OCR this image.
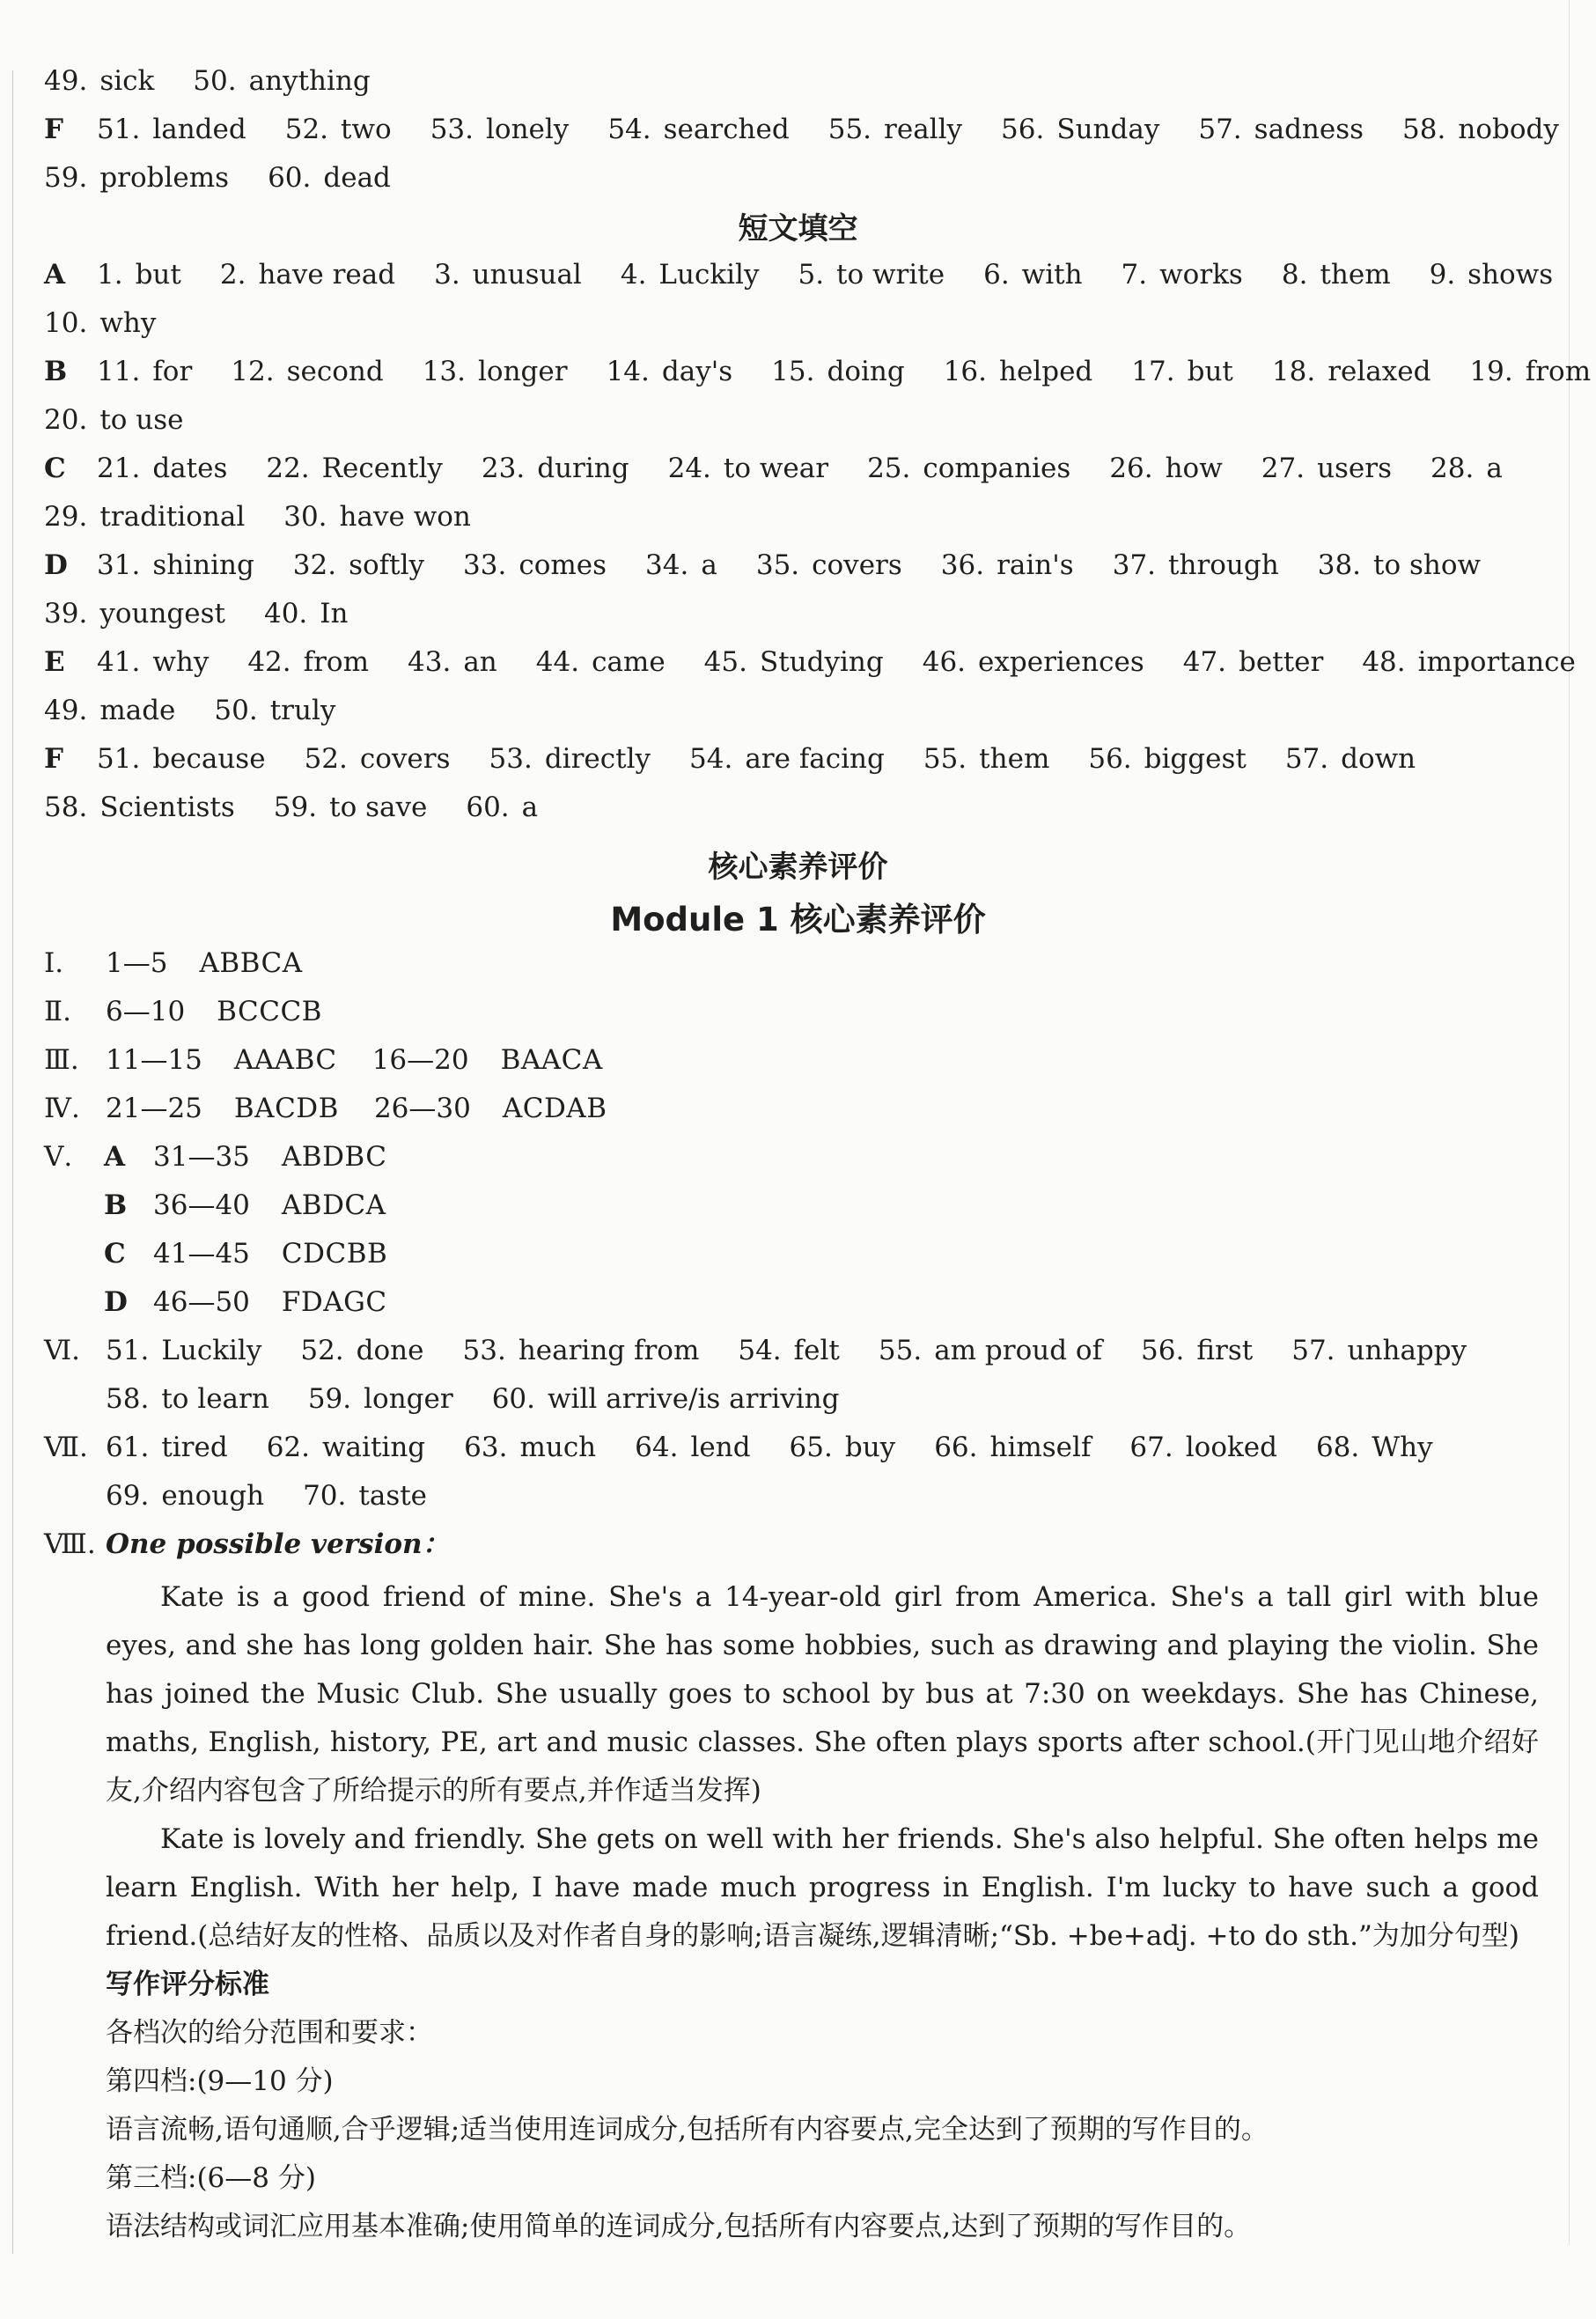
49. sick 50. anything
F 51. landed 52. two 53. lonely 54. searched 55. really 56. Sunday 57. sadness 58. nobody
59. problems 60. dead
短文填空
A 1. but 2. have read 3. unusual 4. Luckily 5. to write 6. with 7. works 8. them 9. shows
10. why
B 11. for 12. second 13. longer 14. day's 15. doing 16. helped 17. but 18. relaxed 19. from
20. to use
C 21. dates 22. Recently 23. during 24. to wear 25. companies 26. how 27. users 28. a
29. traditional 30. have won
D 31. shining 32. softly 33. comes 34. a 35. covers 36. rain's 37. through 38. to show
39. youngest 40. In
E 41. why 42. from 43. an 44. came 45. Studying 46. experiences 47. better 48. importance
49. made 50. truly
F 51. because 52. covers 53. directly 54. are facing 55. them 56. biggest 57. down
58. Scientists 59. to save 60. a
核心素养评价
Module 1 核心素养评价
Ⅰ. 1—5 ABBCA
Ⅱ. 6—10 BCCCB
Ⅲ. 11—15 AAABC 16—20 BAACA
Ⅳ. 21—25 BACDB 26—30 ACDAB
Ⅴ.	A 31—35 ABDBC
B 36—40 ABDCA
C 41—45 CDCBB
D 46—50 FDAGC
Ⅵ. 51. Luckily 52. done 53. hearing from 54. felt 55. am proud of 56. first 57. unhappy
58. to learn 59. longer 60. will arrive/is arriving
Ⅶ. 61. tired 62. waiting 63. much 64. lend 65. buy 66. himself 67. looked 68. Why
69. enough 70. taste
Ⅷ. One possible version：
Kate is a good friend of mine. She's a 14-year-old girl from America. She's a tall girl with blue eyes, and she has long golden hair. She has some hobbies, such as drawing and playing the violin. She has joined the Music Club. She usually goes to school by bus at 7:30 on weekdays. She has Chinese, maths, English, history, PE, art and music classes. She often plays sports after school.(开门见山地介绍好友,介绍内容包含了所给提示的所有要点,并作适当发挥)
Kate is lovely and friendly. She gets on well with her friends. She's also helpful. She often helps me learn English. With her help, I have made much progress in English. I'm lucky to have such a good friend.(总结好友的性格、品质以及对作者自身的影响;语言凝练,逻辑清晰;“Sb. +be+adj. +to do sth.”为加分句型)
写作评分标准
各档次的给分范围和要求：
第四档:(9—10 分)
语言流畅,语句通顺,合乎逻辑;适当使用连词成分,包括所有内容要点,完全达到了预期的写作目的。
第三档:(6—8 分)
语法结构或词汇应用基本准确;使用简单的连词成分,包括所有内容要点,达到了预期的写作目的。
